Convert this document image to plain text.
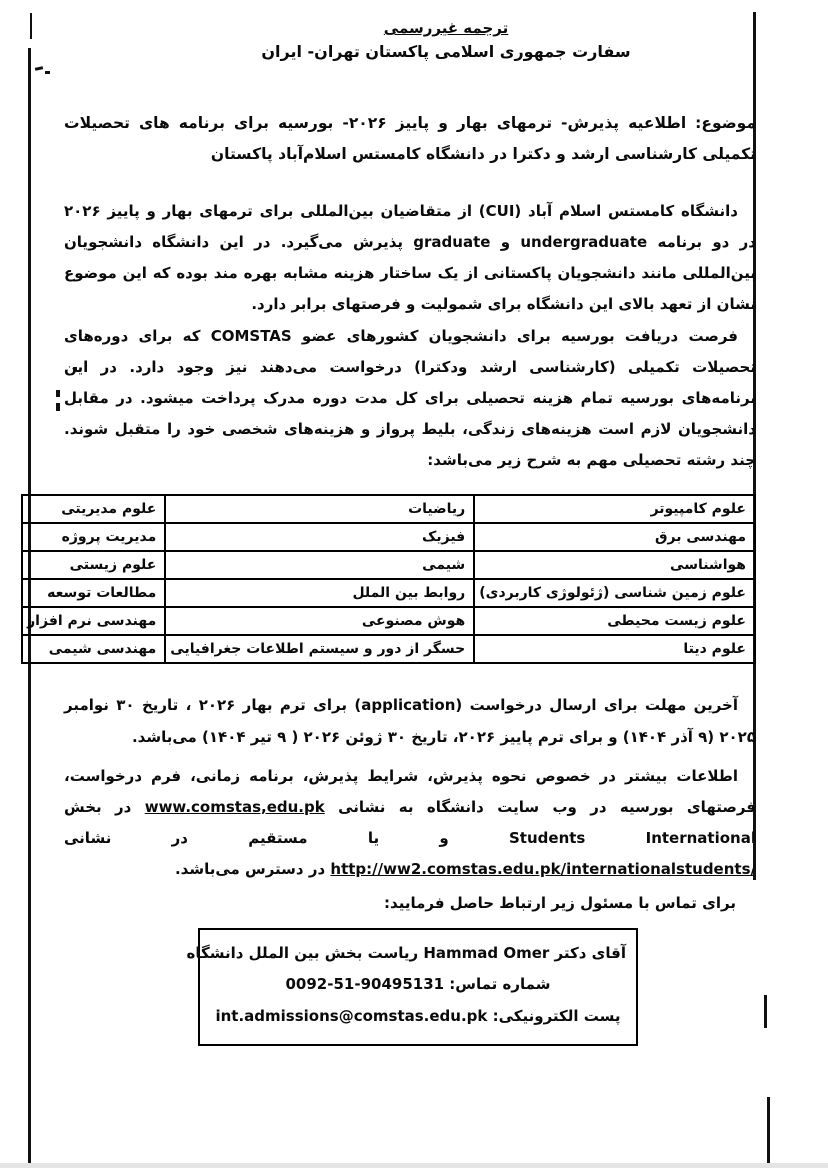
ترجمه غیررسمی
سفارت جمهوری اسلامی پاکستان تهران- ایران
موضوع: اطلاعیه پذیرش- ترمهای بهار و پاییز ۲۰۲۶- بورسیه برای برنامه های تحصیلات تکمیلی کارشناسی ارشد و دکترا در دانشگاه کامستس اسلام‌آباد پاکستان

دانشگاه کامستس اسلام آباد (CUI) از متقاضیان بین‌المللی برای ترمهای بهار و پاییز ۲۰۲۶ در دو برنامه undergraduate و graduate پذیرش می‌گیرد. در این دانشگاه دانشجویان بین‌المللی مانند دانشجویان پاکستانی از یک ساختار هزینه مشابه بهره مند بوده که این موضوع نشان از تعهد بالای این دانشگاه برای شمولیت و فرصتهای برابر دارد.

فرصت دریافت بورسیه برای دانشجویان کشورهای عضو COMSTAS که برای دوره‌های تحصیلات تکمیلی (کارشناسی ارشد ودکترا) درخواست می‌دهند نیز وجود دارد. در این برنامه‌های بورسیه تمام هزینه تحصیلی برای کل مدت دوره مدرک پرداخت میشود. در مقابل دانشجویان لازم است هزینه‌های زندگی، بلیط پرواز و هزینه‌های شخصی خود را متقبل شوند. چند رشته تحصیلی مهم به شرح زیر می‌باشد:

علوم کامپیوتر	ریاضیات	علوم مدیریتی
مهندسی برق	فیزیک	مدیریت پروژه
هواشناسی	شیمی	علوم زیستی
علوم زمین شناسی (ژئولوژی کاربردی)	روابط بین الملل	مطالعات توسعه
علوم زیست محیطی	هوش مصنوعی	مهندسی نرم افزار
علوم دیتا	حسگر از دور و سیستم اطلاعات جغرافیایی	مهندسی شیمی

آخرین مهلت برای ارسال درخواست (application) برای ترم بهار ۲۰۲۶ ، تاریخ ۳۰ نوامبر ۲۰۲۵ (۹ آذر ۱۴۰۴) و برای ترم پاییز ۲۰۲۶، تاریخ ۳۰ ژوئن ۲۰۲۶ ( ۹ تیر ۱۴۰۴) می‌باشد.

اطلاعات بیشتر در خصوص نحوه پذیرش، شرایط پذیرش، برنامه زمانی، فرم درخواست، فرصتهای بورسیه در وب سایت دانشگاه به نشانی www.comstas,edu.pk در بخش Students International و یا مستقیم در نشانی http://ww2.comstas.edu.pk/internationalstudents/ در دسترس می‌باشد.

برای تماس با مسئول زیر ارتباط حاصل فرمایید:
آقای دکتر Hammad Omer ریاست بخش بین الملل دانشگاه
شماره تماس: 0092-51-90495131
پست الکترونیکی: int.admissions@comstas.edu.pk
